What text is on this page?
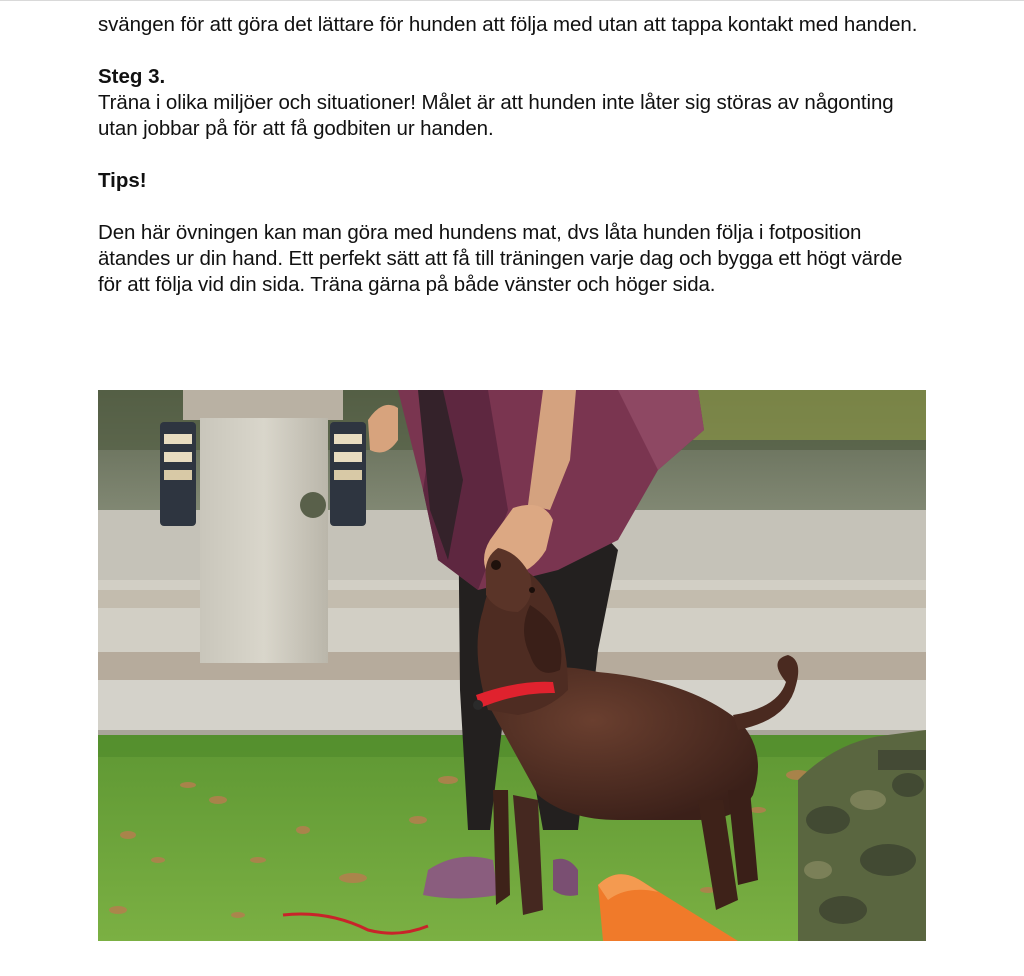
svängen för att göra det lättare för hunden att följa med utan att tappa kontakt med handen.

Steg 3.

Träna i olika miljöer och situationer! Målet är att hunden inte låter sig störas av någonting utan jobbar på för att få godbiten ur handen.

Tips!

Den här övningen kan man göra med hundens mat, dvs låta hunden följa i fotposition ätandes ur din hand. Ett perfekt sätt att få till träningen varje dag och bygga ett högt värde för att följa vid din sida. Träna gärna på både vänster och höger sida.
